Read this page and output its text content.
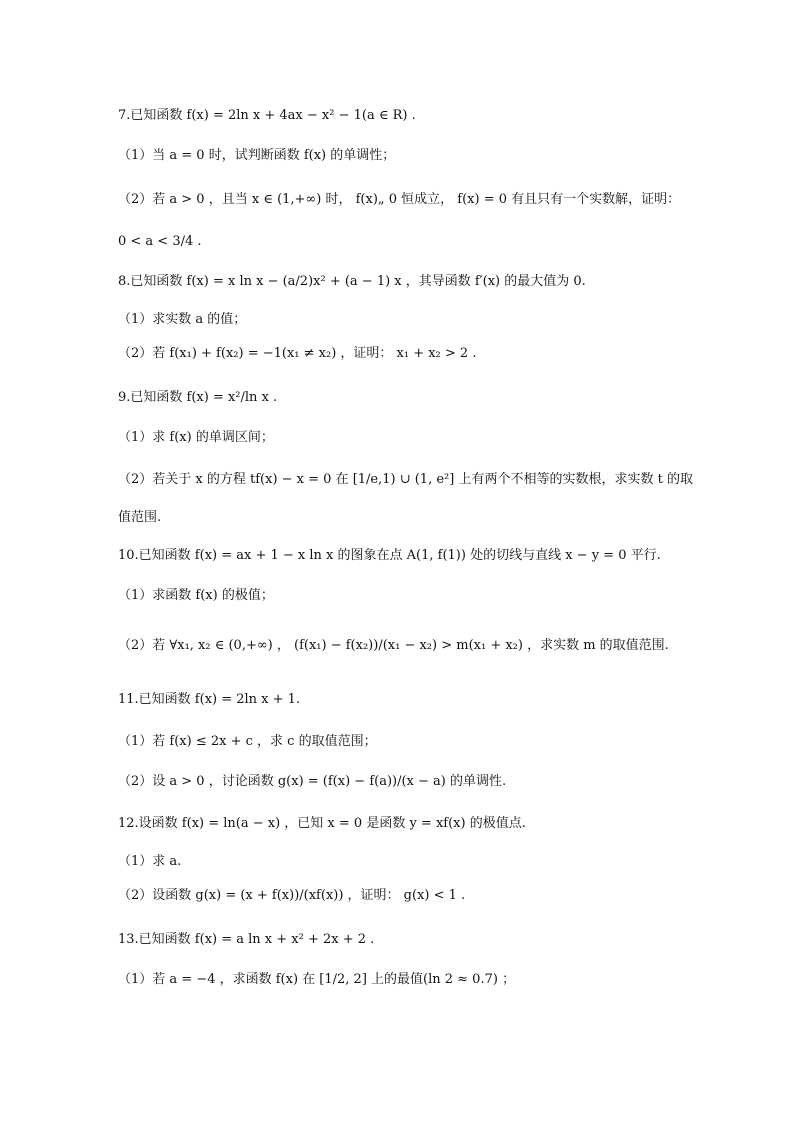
7.已知函数 f(x) = 2ln x + 4ax − x² − 1(a ∈ R) .
（1）当 a = 0 时，试判断函数 f(x) 的单调性；
（2）若 a > 0 ，且当 x ∈ (1,+∞) 时， f(x)„ 0 恒成立， f(x) = 0 有且只有一个实数解，证明：
0 < a < 3/4 .
8.已知函数 f(x) = x ln x − (a/2)x² + (a − 1) x ，其导函数 f′(x) 的最大值为 0.
（1）求实数 a 的值；
（2）若 f(x₁) + f(x₂) = −1(x₁ ≠ x₂) ，证明： x₁ + x₂ > 2 .
9.已知函数 f(x) = x²/ln x .
（1）求 f(x) 的单调区间；
（2）若关于 x 的方程 tf(x) − x = 0 在 [1/e,1) ∪ (1, e²] 上有两个不相等的实数根，求实数 t 的取
值范围.
10.已知函数 f(x) = ax + 1 − x ln x 的图象在点 A(1, f(1)) 处的切线与直线 x − y = 0 平行.
（1）求函数 f(x) 的极值；
（2）若 ∀x₁, x₂ ∈ (0,+∞) ， (f(x₁) − f(x₂))/(x₁ − x₂) > m(x₁ + x₂) ，求实数 m 的取值范围.
11.已知函数 f(x) = 2ln x + 1.
（1）若 f(x) ≤ 2x + c ，求 c 的取值范围；
（2）设 a > 0 ，讨论函数 g(x) = (f(x) − f(a))/(x − a) 的单调性.
12.设函数 f(x) = ln(a − x) ，已知 x = 0 是函数 y = xf(x) 的极值点.
（1）求 a.
（2）设函数 g(x) = (x + f(x))/(xf(x)) ，证明： g(x) < 1 .
13.已知函数 f(x) = a ln x + x² + 2x + 2 .
（1）若 a = −4 ，求函数 f(x) 在 [1/2, 2] 上的最值(ln 2 ≈ 0.7) ；
